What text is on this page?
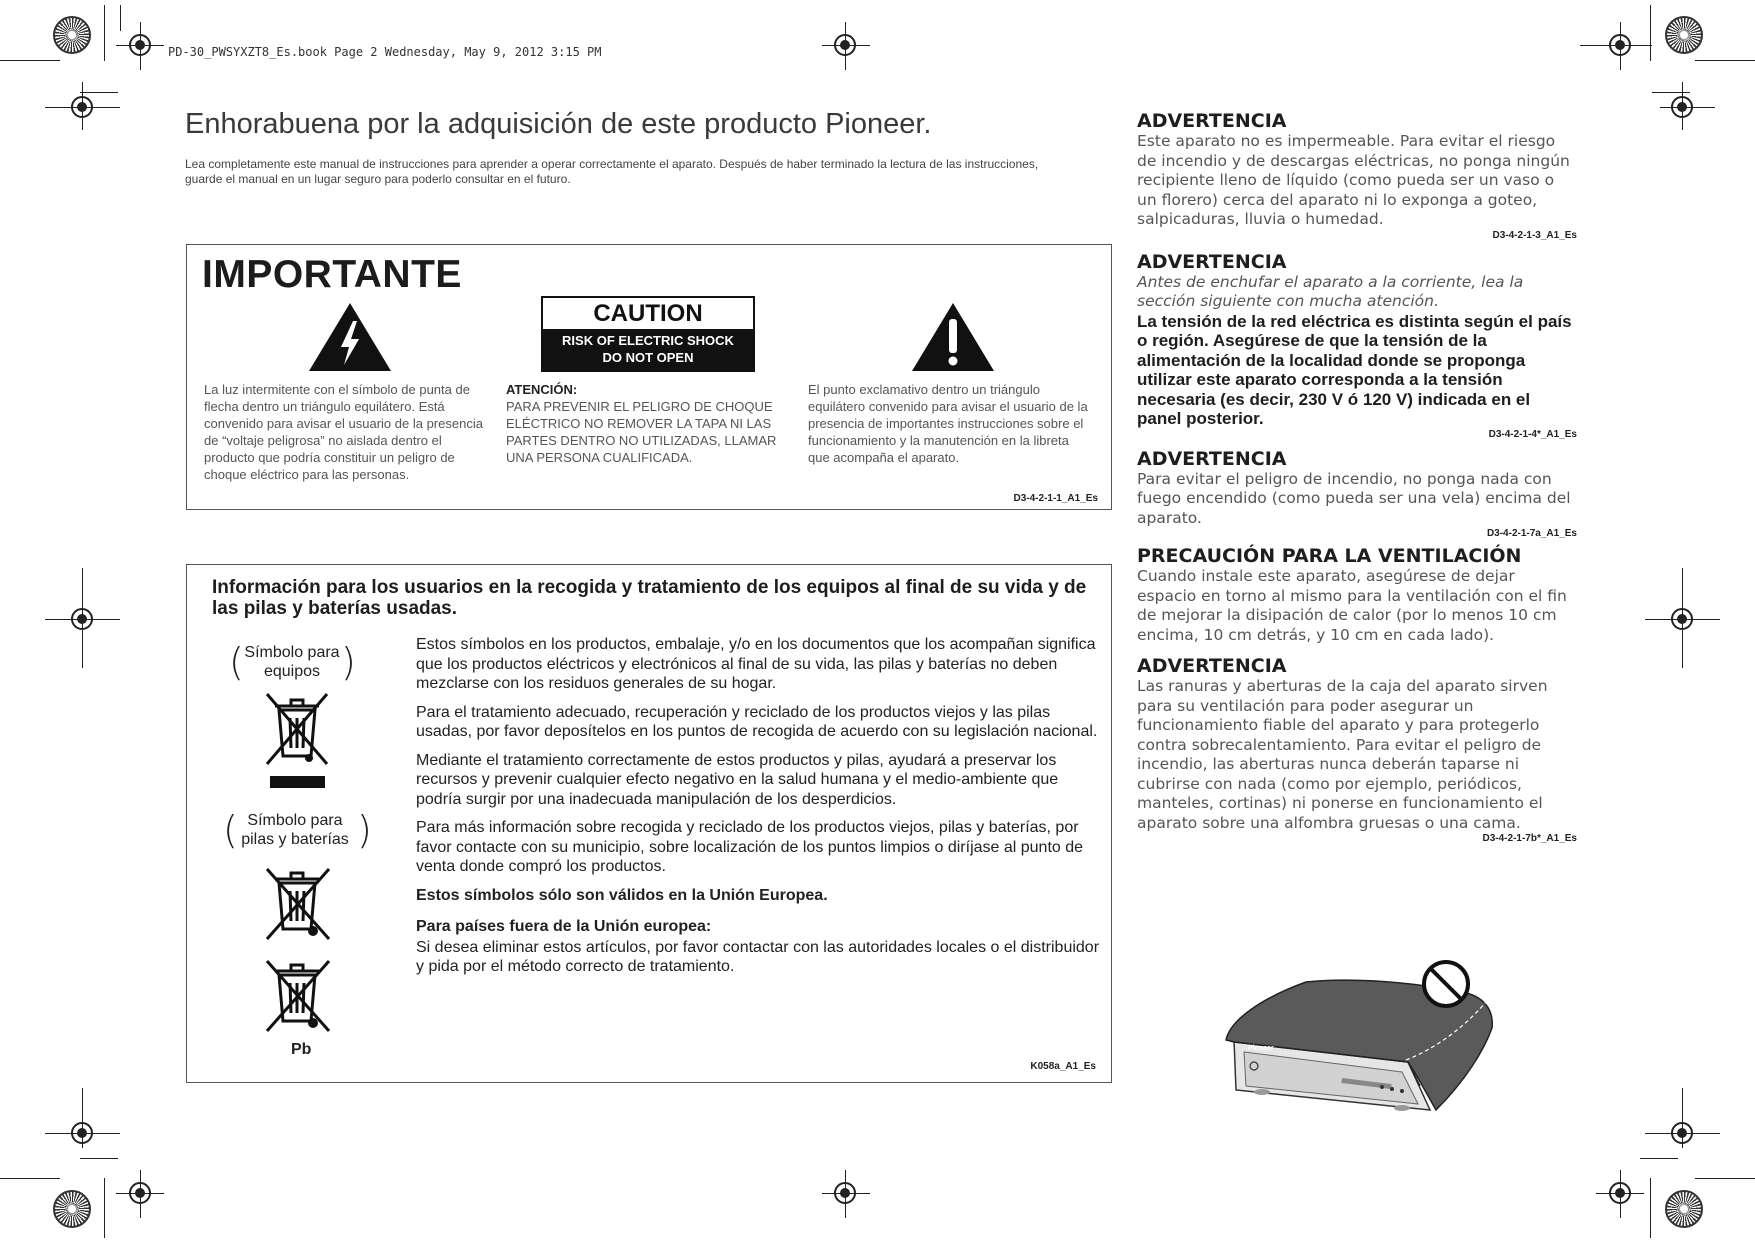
PD-30_PWSYXZT8_Es.book Page 2 Wednesday, May 9, 2012 3:15 PM
Enhorabuena por la adquisición de este producto Pioneer.
Lea completamente este manual de instrucciones para aprender a operar correctamente el aparato. Después de haber terminado la lectura de las instrucciones, guarde el manual en un lugar seguro para poderlo consultar en el futuro.
IMPORTANTE
CAUTION
RISK OF ELECTRIC SHOCK
DO NOT OPEN
La luz intermitente con el símbolo de punta de flecha dentro un triángulo equilátero. Está convenido para avisar el usuario de la presencia de “voltaje peligrosa” no aislada dentro el producto que podría constituir un peligro de choque eléctrico para las personas.
ATENCIÓN:
PARA PREVENIR EL PELIGRO DE CHOQUE ELÉCTRICO NO REMOVER LA TAPA NI LAS PARTES DENTRO NO UTILIZADAS, LLAMAR UNA PERSONA CUALIFICADA.
El punto exclamativo dentro un triángulo equilátero convenido para avisar el usuario de la presencia de importantes instrucciones sobre el funcionamiento y la manutención en la libreta que acompaña el aparato.
D3-4-2-1-1_A1_Es
Información para los usuarios en la recogida y tratamiento de los equipos al final de su vida y de las pilas y baterías usadas.
( Símbolo para
equipos )
( Símbolo para
pilas y baterías )
Pb
Estos símbolos en los productos, embalaje, y/o en los documentos que los acompañan significa que los productos eléctricos y electrónicos al final de su vida, las pilas y baterías no deben mezclarse con los residuos generales de su hogar.
Para el tratamiento adecuado, recuperación y reciclado de los productos viejos y las pilas usadas, por favor deposítelos en los puntos de recogida de acuerdo con su legislación nacional.
Mediante el tratamiento correctamente de estos productos y pilas, ayudará a preservar los recursos y prevenir cualquier efecto negativo en la salud humana y el medio-ambiente que podría surgir por una inadecuada manipulación de los desperdicios.
Para más información sobre recogida y reciclado de los productos viejos, pilas y baterías, por favor contacte con su municipio, sobre localización de los puntos limpios o diríjase al punto de venta donde compró los productos.
Estos símbolos sólo son válidos en la Unión Europea.
Para países fuera de la Unión europea:
Si desea eliminar estos artículos, por favor contactar con las autoridades locales o el distribuidor y pida por el método correcto de tratamiento.
K058a_A1_Es
ADVERTENCIA
Este aparato no es impermeable. Para evitar el riesgo de incendio y de descargas eléctricas, no ponga ningún recipiente lleno de líquido (como pueda ser un vaso o un florero) cerca del aparato ni lo exponga a goteo, salpicaduras, lluvia o humedad.
D3-4-2-1-3_A1_Es
ADVERTENCIA
Antes de enchufar el aparato a la corriente, lea la sección siguiente con mucha atención.
La tensión de la red eléctrica es distinta según el país o región. Asegúrese de que la tensión de la alimentación de la localidad donde se proponga utilizar este aparato corresponda a la tensión necesaria (es decir, 230 V ó 120 V) indicada en el panel posterior.
D3-4-2-1-4*_A1_Es
ADVERTENCIA
Para evitar el peligro de incendio, no ponga nada con fuego encendido (como pueda ser una vela) encima del aparato.
D3-4-2-1-7a_A1_Es
PRECAUCIÓN PARA LA VENTILACIÓN
Cuando instale este aparato, asegúrese de dejar espacio en torno al mismo para la ventilación con el fin de mejorar la disipación de calor (por lo menos 10 cm encima, 10 cm detrás, y 10 cm en cada lado).
ADVERTENCIA
Las ranuras y aberturas de la caja del aparato sirven para su ventilación para poder asegurar un funcionamiento fiable del aparato y para protegerlo contra sobrecalentamiento. Para evitar el peligro de incendio, las aberturas nunca deberán taparse ni cubrirse con nada (como por ejemplo, periódicos, manteles, cortinas) ni ponerse en funcionamiento el aparato sobre una alfombra gruesas o una cama.
D3-4-2-1-7b*_A1_Es
Pioneer
